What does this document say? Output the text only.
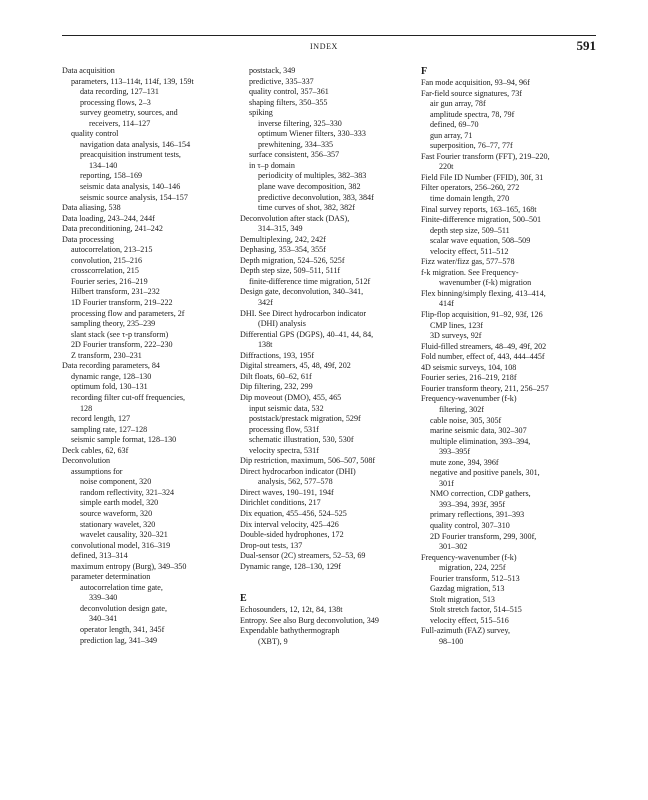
INDEX	591
Data acquisition
parameters, 113–114t, 114f, 139, 159t
data recording, 127–131
processing flows, 2–3
survey geometry, sources, and
receivers, 114–127
quality control
navigation data analysis, 146–154
preacquisition instrument tests,
134–140
reporting, 158–169
seismic data analysis, 140–146
seismic source analysis, 154–157
Data aliasing, 538
Data loading, 243–244, 244f
Data preconditioning, 241–242
Data processing
autocorrelation, 213–215
convolution, 215–216
crosscorrelation, 215
Fourier series, 216–219
Hilbert transform, 231–232
1D Fourier transform, 219–222
processing flow and parameters, 2f
sampling theory, 235–239
slant stack (see τ-p transform)
2D Fourier transform, 222–230
Z transform, 230–231
Data recording parameters, 84
dynamic range, 128–130
optimum fold, 130–131
recording filter cut-off frequencies,
128
record length, 127
sampling rate, 127–128
seismic sample format, 128–130
Deck cables, 62, 63f
Deconvolution
assumptions for
noise component, 320
random reflectivity, 321–324
simple earth model, 320
source waveform, 320
stationary wavelet, 320
wavelet causality, 320–321
convolutional model, 316–319
defined, 313–314
maximum entropy (Burg), 349–350
parameter determination
autocorrelation time gate,
339–340
deconvolution design gate,
340–341
operator length, 341, 345f
prediction lag, 341–349
poststack, 349
predictive, 335–337
quality control, 357–361
shaping filters, 350–355
spiking
inverse filtering, 325–330
optimum Wiener filters, 330–333
prewhitening, 334–335
surface consistent, 356–357
in τ–p domain
periodicity of multiples, 382–383
plane wave decomposition, 382
predictive deconvolution, 383, 384f
time curves of shot, 382, 382f
Deconvolution after stack (DAS),
314–315, 349
Demultiplexing, 242, 242f
Dephasing, 353–354, 355f
Depth migration, 524–526, 525f
Depth step size, 509–511, 511f
finite-difference time migration, 512f
Design gate, deconvolution, 340–341,
342f
DHI. See Direct hydrocarbon indicator
(DHI) analysis
Differential GPS (DGPS), 40–41, 44, 84,
138t
Diffractions, 193, 195f
Digital streamers, 45, 48, 49f, 202
Dilt floats, 60–62, 61f
Dip filtering, 232, 299
Dip moveout (DMO), 455, 465
input seismic data, 532
poststack/prestack migration, 529f
processing flow, 531f
schematic illustration, 530, 530f
velocity spectra, 531f
Dip restriction, maximum, 506–507, 508f
Direct hydrocarbon indicator (DHI)
analysis, 562, 577–578
Direct waves, 190–191, 194f
Dirichlet conditions, 217
Dix equation, 455–456, 524–525
Dix interval velocity, 425–426
Double-sided hydrophones, 172
Drop-out tests, 137
Dual-sensor (2C) streamers, 52–53, 69
Dynamic range, 128–130, 129f
E
Echosounders, 12, 12t, 84, 138t
Entropy. See also Burg deconvolution, 349
Expendable bathythermograph
(XBT), 9
F
Fan mode acquisition, 93–94, 96f
Far-field source signatures, 73f
air gun array, 78f
amplitude spectra, 78, 79f
defined, 69–70
gun array, 71
superposition, 76–77, 77f
Fast Fourier transform (FFT), 219–220,
220t
Field File ID Number (FFID), 30f, 31
Filter operators, 256–260, 272
time domain length, 270
Final survey reports, 163–165, 168t
Finite-difference migration, 500–501
depth step size, 509–511
scalar wave equation, 508–509
velocity effect, 511–512
Fizz water/fizz gas, 577–578
f-k migration. See Frequency-
wavenumber (f-k) migration
Flex binning/simply flexing, 413–414,
414f
Flip-flop acquisition, 91–92, 93f, 126
CMP lines, 123f
3D surveys, 92f
Fluid-filled streamers, 48–49, 49f, 202
Fold number, effect of, 443, 444–445f
4D seismic surveys, 104, 108
Fourier series, 216–219, 218f
Fourier transform theory, 211, 256–257
Frequency-wavenumber (f-k)
filtering, 302f
cable noise, 305, 305f
marine seismic data, 302–307
multiple elimination, 393–394,
393–395f
mute zone, 394, 396f
negative and positive panels, 301,
301f
NMO correction, CDP gathers,
393–394, 393f, 395f
primary reflections, 391–393
quality control, 307–310
2D Fourier transform, 299, 300f,
301–302
Frequency-wavenumber (f-k)
migration, 224, 225f
Fourier transform, 512–513
Gazdag migration, 513
Stolt migration, 513
Stolt stretch factor, 514–515
velocity effect, 515–516
Full-azimuth (FAZ) survey,
98–100
